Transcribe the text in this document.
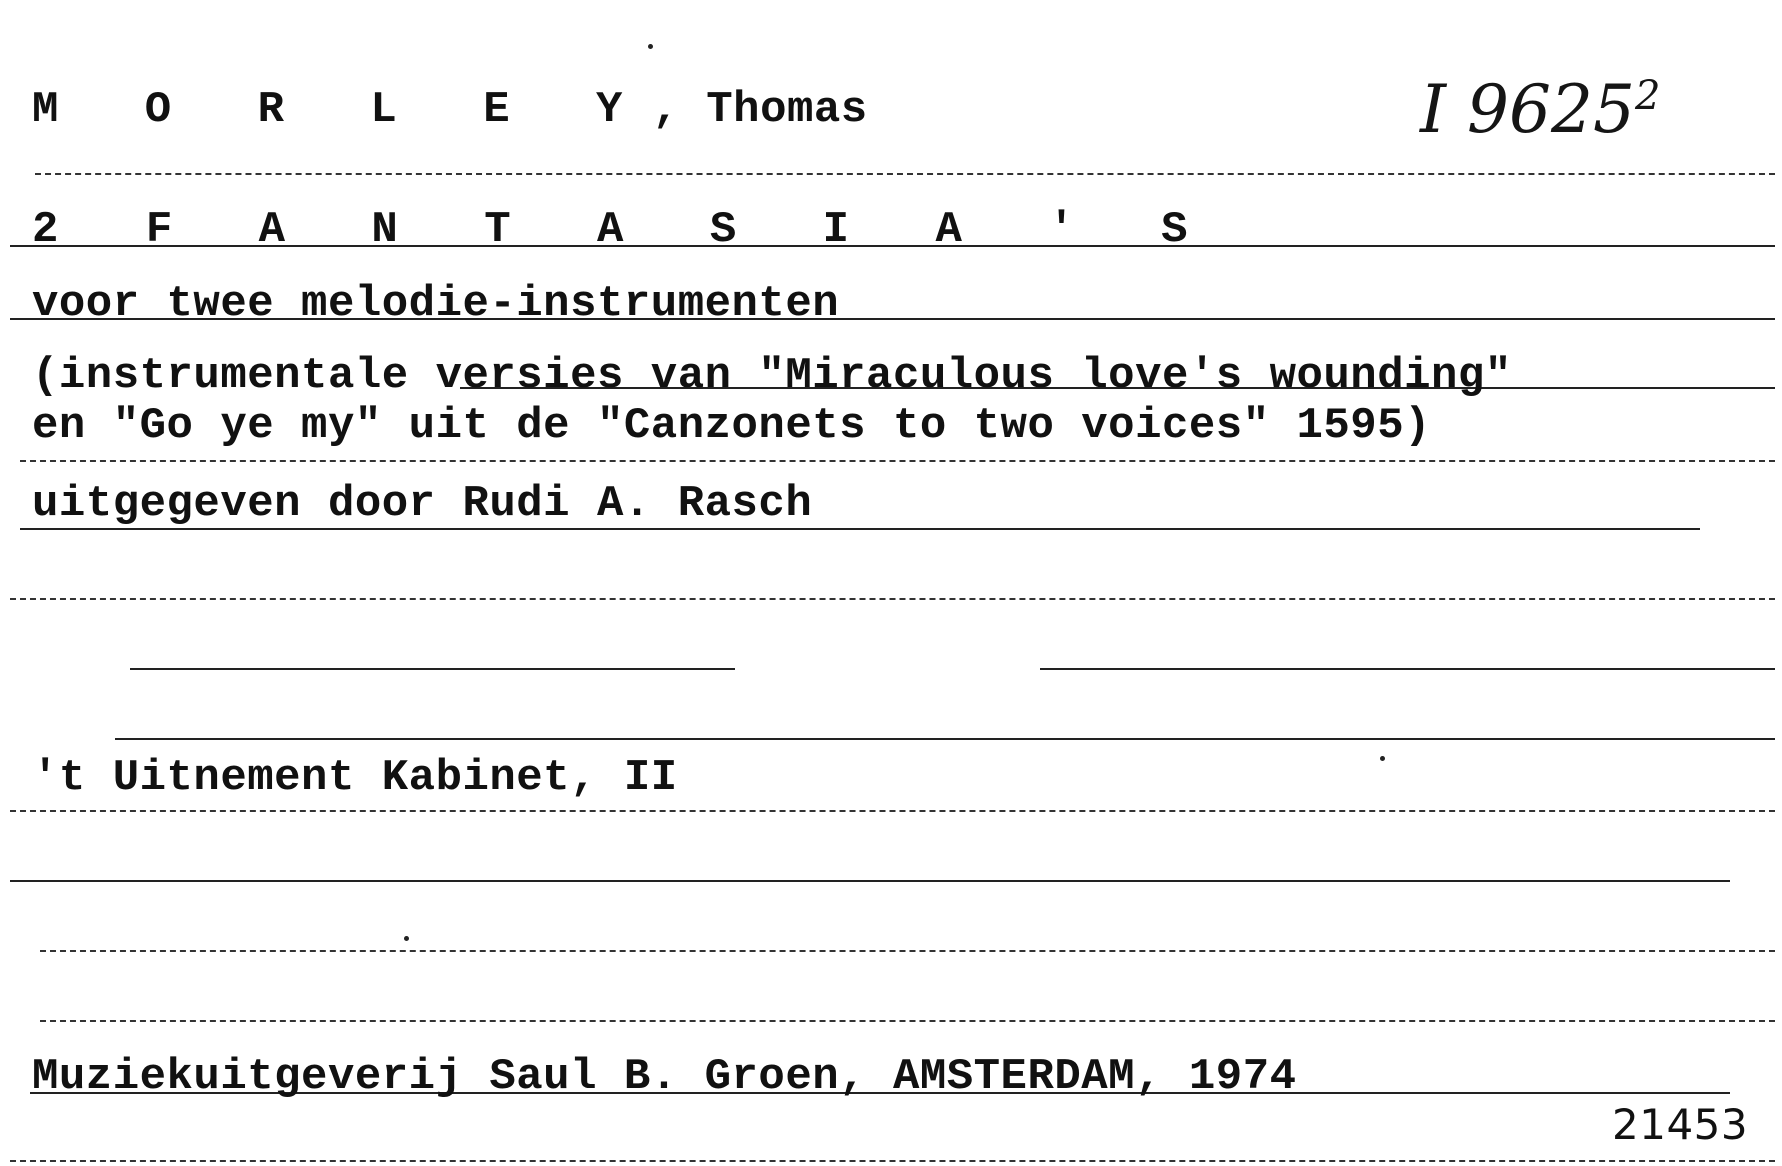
M O R L E Y, Thomas	I 9625$^2$
2 F A N T A S I A ' S
voor twee melodie-instrumenten
(instrumentale versies van "Miraculous love's wounding"
en "Go ye my" uit de "Canzonets to two voices" 1595)
uitgegeven door Rudi A. Rasch
't Uitnement Kabinet, II
Muziekuitgeverij Saul B. Groen, AMSTERDAM, 1974
21453
